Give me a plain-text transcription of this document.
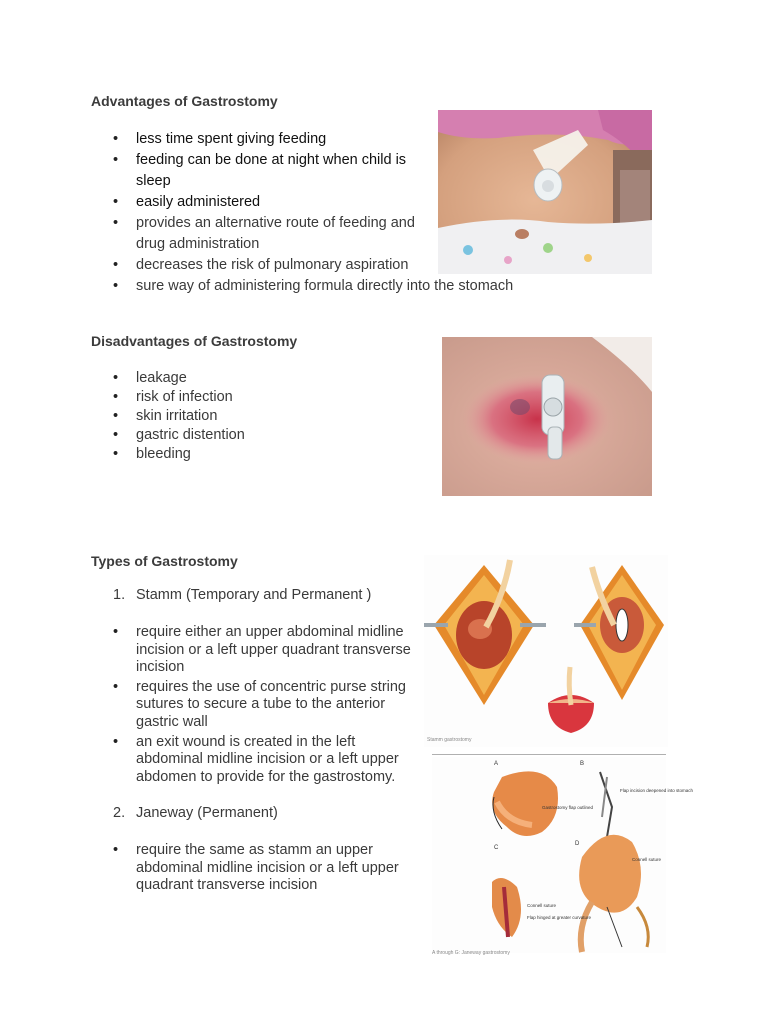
Advantages of Gastrostomy

• less time spent giving feeding
• feeding can be done at night when child is sleep
• easily administered
• provides an alternative route of feeding and drug administration
• decreases the risk of pulmonary aspiration
• sure way of administering formula directly into the stomach

Disadvantages of Gastrostomy

• leakage
• risk of infection
• skin irritation
• gastric distention
• bleeding

Types of Gastrostomy

1. Stamm (Temporary and Permanent )

• require either an upper abdominal midline incision or a left upper quadrant transverse incision
• requires the use of concentric purse string sutures to secure a tube to the anterior gastric wall
• an exit wound is created in the left abdominal midline incision or a left upper abdomen to provide for the gastrostomy.

2. Janeway (Permanent)

• require the same as stamm an upper abdominal midline incision or a left upper quadrant transverse incision
Stamm gastrostomy
A	B
C
D
Gastrostomy flap outlined
Flap incision deepened into stomach
Connell suture
Connell suture
Flap hinged at greater curvature
A through G: Janeway gastrostomy
